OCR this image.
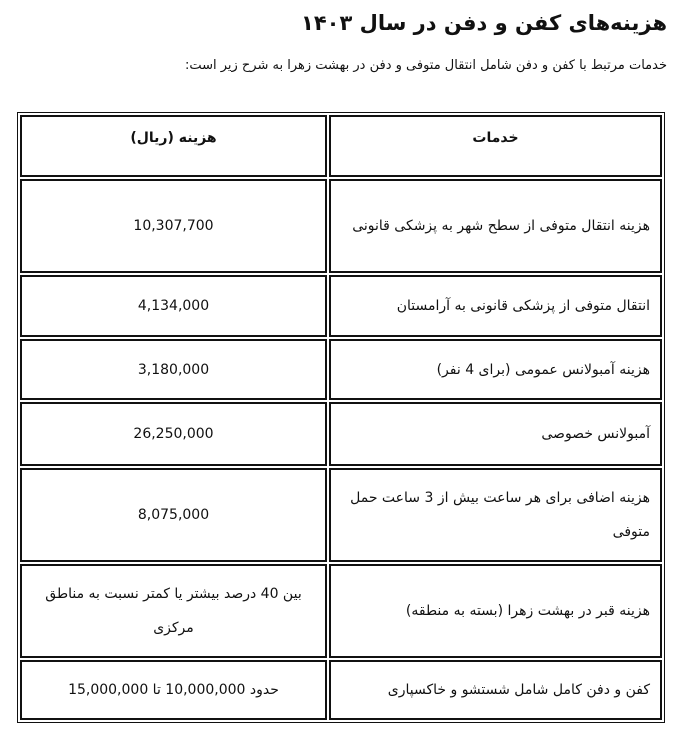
هزینه‌های کفن و دفن در سال ۱۴۰۳

خدمات مرتبط با کفن و دفن شامل انتقال متوفی و دفن در بهشت زهرا به شرح زیر است:

خدمات	هزینه (ریال)
هزینه انتقال متوفی از سطح شهر به پزشکی قانونی	10,307,700
انتقال متوفی از پزشکی قانونی به آرامستان	4,134,000
هزینه آمبولانس عمومی (برای 4 نفر)	3,180,000
آمبولانس خصوصی	26,250,000
هزینه اضافی برای هر ساعت بیش از 3 ساعت حمل متوفی	8,075,000
هزینه قبر در بهشت زهرا (بسته به منطقه)	بین 40 درصد بیشتر یا کمتر نسبت به مناطق مرکزی
کفن و دفن کامل شامل شستشو و خاکسپاری	حدود 10,000,000 تا 15,000,000
